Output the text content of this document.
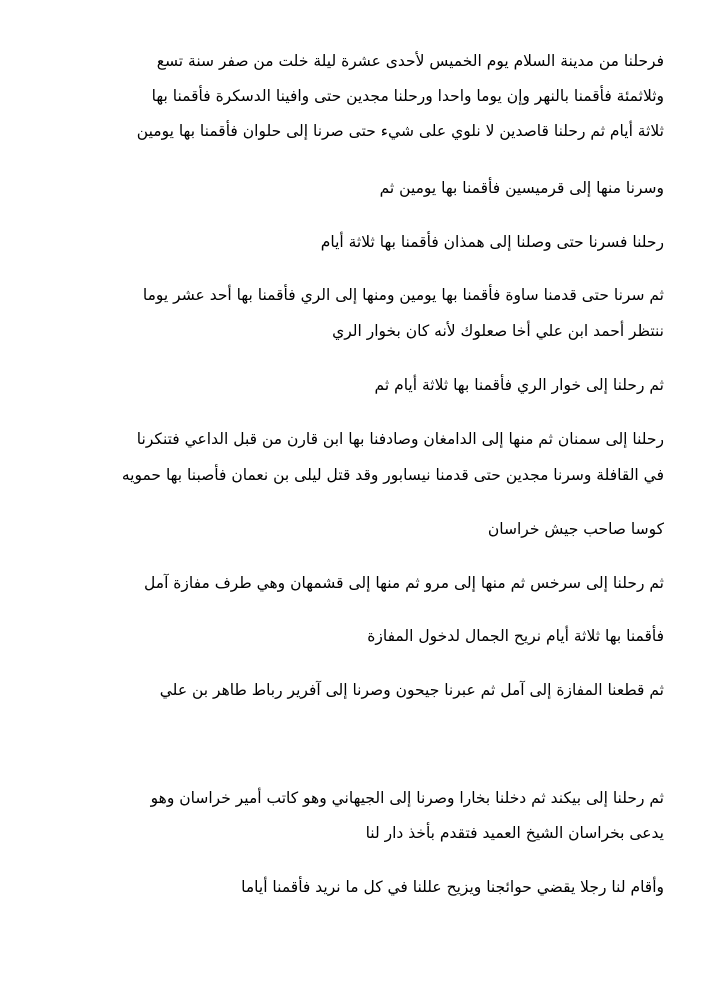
فرحلنا من مدينة السلام يوم الخميس لأحدى عشرة ليلة خلت من صفر سنة تسع
وثلاثمئة فأقمنا بالنهر وإن يوما واحدا ورحلنا مجدين حتى وافينا الدسكرة فأقمنا بها
ثلاثة أيام ثم رحلنا قاصدين لا نلوي على شيء حتى صرنا إلى حلوان فأقمنا بها يومين
وسرنا منها إلى قرميسين فأقمنا بها يومين ثم
رحلنا فسرنا حتى وصلنا إلى همذان فأقمنا بها ثلاثة أيام
ثم سرنا حتى قدمنا ساوة فأقمنا بها يومين ومنها إلى الري فأقمنا بها أحد عشر يوما
ننتظر أحمد ابن علي أخا صعلوك لأنه كان بخوار الري
ثم رحلنا إلى خوار الري فأقمنا بها ثلاثة أيام ثم
رحلنا إلى سمنان ثم منها إلى الدامغان وصادفنا بها ابن قارن من قبل الداعي فتنكرنا
في القافلة وسرنا مجدين حتى قدمنا نيسابور وقد قتل ليلى بن نعمان فأصبنا بها حمويه
كوسا صاحب جيش خراسان
ثم رحلنا إلى سرخس ثم منها إلى مرو ثم منها إلى قشمهان وهي طرف مفازة آمل
فأقمنا بها ثلاثة أيام نريح الجمال لدخول المفازة
ثم قطعنا المفازة إلى آمل ثم عبرنا جيحون وصرنا إلى آفرير رباط طاهر بن علي
ثم رحلنا إلى بيكند ثم دخلنا بخارا وصرنا إلى الجيهاني وهو كاتب أمير خراسان وهو
يدعى بخراسان الشيخ العميد فتقدم بأخذ دار لنا
وأقام لنا رجلا يقضي حوائجنا ويزيح عللنا في كل ما نريد فأقمنا أياما
